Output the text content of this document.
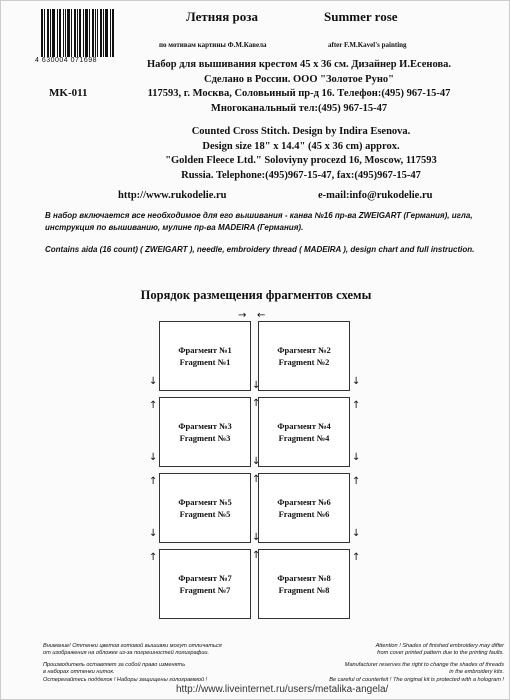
4 630004 071698
Летняя роза	Summer rose
по мотивам картины Ф.М.Кавела	after F.M.Kavel's painting
MK-011
Набор для вышивания крестом 45 х 36 см. Дизайнер И.Есенова.
Сделано в России. ООО "Золотое Руно"
117593, г. Москва, Соловьиный пр-д 16. Телефон:(495) 967-15-47
Многоканальный тел:(495) 967-15-47
Counted Cross Stitch. Design by Indira Esenova.
Design size 18" x 14.4" (45 x 36 cm) approx.
"Golden Fleece Ltd." Soloviyny procezd 16, Moscow, 117593
Russia. Telephone:(495)967-15-47, fax:(495)967-15-47
http://www.rukodelie.ru	e-mail:info@rukodelie.ru
В набор включается все необходимое для его вышивания - канва №16 пр-ва ZWEIGART (Германия), игла, инструкция по вышиванию, мулине пр-ва MADEIRA (Германия).
Contains aida (16 count) ( ZWEIGART ), needle, embroidery thread ( MADEIRA ), design chart and full instruction.
Порядок размещения фрагментов схемы
→ ←
Фрагмент №1
Fragment №1
Фрагмент №2
Fragment №2
Фрагмент №3
Fragment №3
Фрагмент №4
Fragment №4
Фрагмент №5
Fragment №5
Фрагмент №6
Fragment №6
Фрагмент №7
Fragment №7
Фрагмент №8
Fragment №8
↓
↑
↓
↑
↓
↑
↓
↑
↓
↑
↓
↑
↓
↑
↓
↑
↓
↑
Внимание! Оттенки цветов готовой вышивки могут отличаться
от изображения на обложке из-за погрешностей полиграфии.
Производитель оставляет за собой право изменять
в наборах оттенки ниток.
Остерегайтесь подделок ! Наборы защищены голограммой !
Attention ! Shades of finished embroidery may differ
from cover printed pattern due to the printing faults.
Manufacturer reserves the right to change the shades of threads
in the embroidery kits.
Be careful of counterfeit ! The original kit is protected with a hologram !
http://www.liveinternet.ru/users/metalika-angela/
